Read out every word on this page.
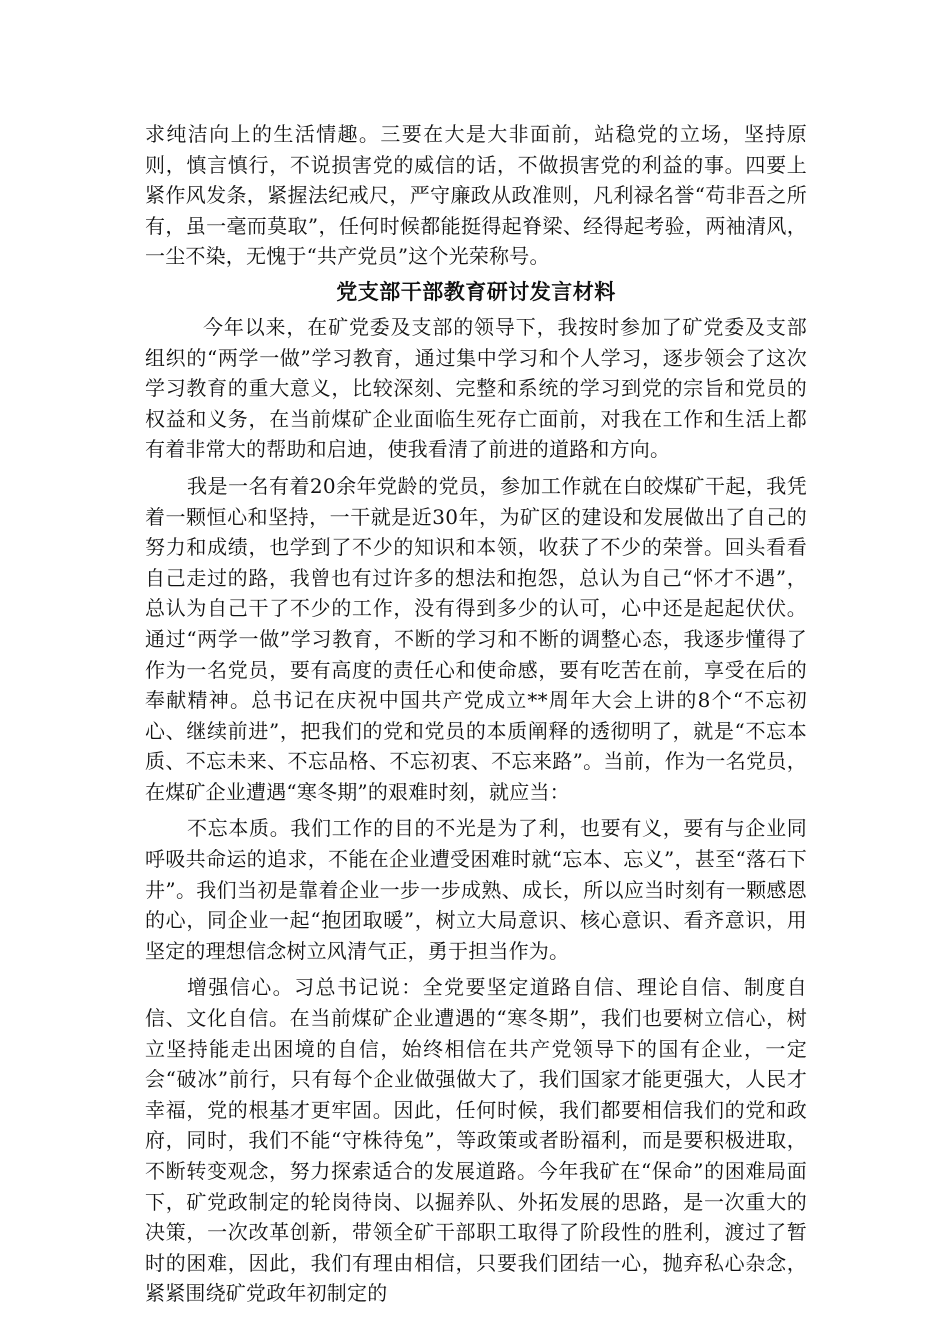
求纯洁向上的生活情趣。三要在大是大非面前，站稳党的立场，坚持原则，慎言慎行，不说损害党的威信的话，不做损害党的利益的事。四要上紧作风发条，紧握法纪戒尺，严守廉政从政准则，凡利禄名誉“苟非吾之所有，虽一毫而莫取”，任何时候都能挺得起脊梁、经得起考验，两袖清风，一尘不染，无愧于“共产党员”这个光荣称号。

党支部干部教育研讨发言材料

今年以来，在矿党委及支部的领导下，我按时参加了矿党委及支部组织的“两学一做”学习教育，通过集中学习和个人学习，逐步领会了这次学习教育的重大意义，比较深刻、完整和系统的学习到党的宗旨和党员的权益和义务，在当前煤矿企业面临生死存亡面前，对我在工作和生活上都有着非常大的帮助和启迪，使我看清了前进的道路和方向。

我是一名有着20余年党龄的党员，参加工作就在白皎煤矿干起，我凭着一颗恒心和坚持，一干就是近30年，为矿区的建设和发展做出了自己的努力和成绩，也学到了不少的知识和本领，收获了不少的荣誉。回头看看自己走过的路，我曾也有过许多的想法和抱怨，总认为自己“怀才不遇”，总认为自己干了不少的工作，没有得到多少的认可，心中还是起起伏伏。通过“两学一做”学习教育，不断的学习和不断的调整心态，我逐步懂得了作为一名党员，要有高度的责任心和使命感，要有吃苦在前，享受在后的奉献精神。总书记在庆祝中国共产党成立**周年大会上讲的8个“不忘初心、继续前进”，把我们的党和党员的本质阐释的透彻明了，就是“不忘本质、不忘未来、不忘品格、不忘初衷、不忘来路”。当前，作为一名党员，在煤矿企业遭遇“寒冬期”的艰难时刻，就应当：

不忘本质。我们工作的目的不光是为了利，也要有义，要有与企业同呼吸共命运的追求，不能在企业遭受困难时就“忘本、忘义”，甚至“落石下井”。我们当初是靠着企业一步一步成熟、成长，所以应当时刻有一颗感恩的心，同企业一起“抱团取暖”，树立大局意识、核心意识、看齐意识，用坚定的理想信念树立风清气正，勇于担当作为。

增强信心。习总书记说：全党要坚定道路自信、理论自信、制度自信、文化自信。在当前煤矿企业遭遇的“寒冬期”，我们也要树立信心，树立坚持能走出困境的自信，始终相信在共产党领导下的国有企业，一定会“破冰”前行，只有每个企业做强做大了，我们国家才能更强大，人民才幸福，党的根基才更牢固。因此，任何时候，我们都要相信我们的党和政府，同时，我们不能“守株待兔”，等政策或者盼福利，而是要积极进取，不断转变观念，努力探索适合的发展道路。今年我矿在“保命”的困难局面下，矿党政制定的轮岗待岗、以掘养队、外拓发展的思路，是一次重大的决策，一次改革创新，带领全矿干部职工取得了阶段性的胜利，渡过了暂时的困难，因此，我们有理由相信，只要我们团结一心，抛弃私心杂念，紧紧围绕矿党政年初制定的
